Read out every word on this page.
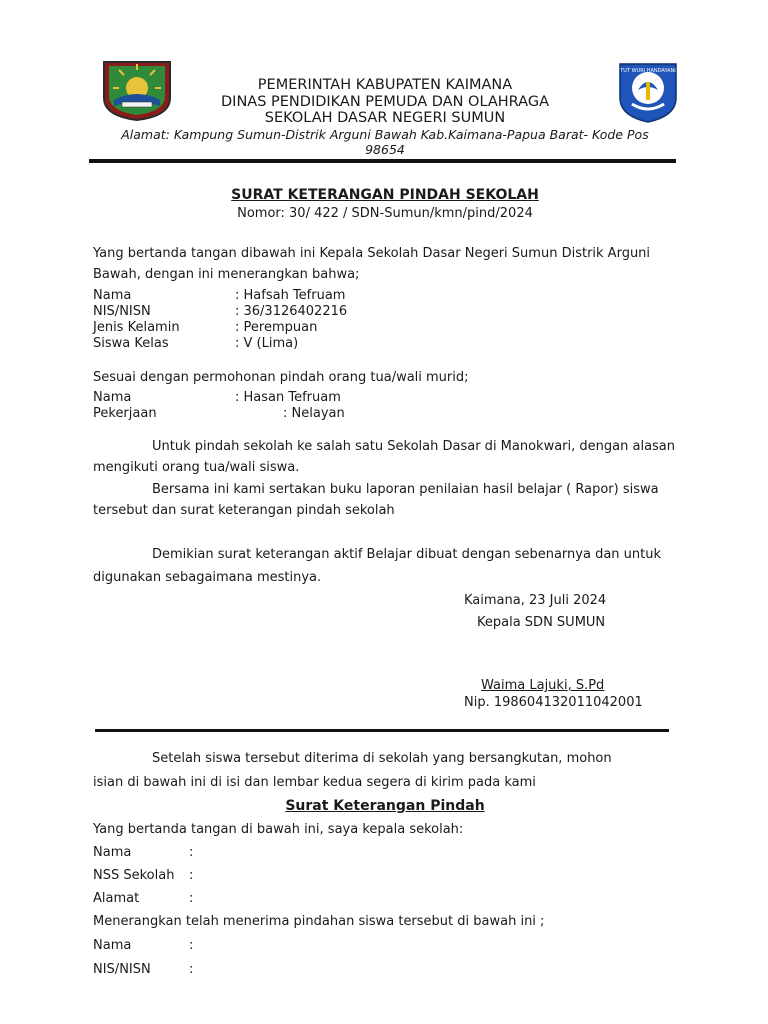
TUT WURI HANDAYANI
PEMERINTAH KABUPATEN KAIMANA
DINAS PENDIDIKAN PEMUDA DAN OLAHRAGA
SEKOLAH DASAR NEGERI SUMUN
Alamat: Kampung Sumun-Distrik Arguni Bawah Kab.Kaimana-Papua Barat- Kode Pos
98654
SURAT KETERANGAN PINDAH SEKOLAH
Nomor: 30/ 422 / SDN-Sumun/kmn/pind/2024
Yang bertanda tangan dibawah ini Kepala Sekolah Dasar Negeri Sumun Distrik Arguni
Bawah, dengan ini menerangkan bahwa;
Nama	: Hafsah Tefruam
NIS/NISN	: 36/3126402216
Jenis Kelamin	: Perempuan
Siswa Kelas	: V (Lima)
Sesuai dengan permohonan pindah orang tua/wali murid;
Nama	: Hasan Tefruam
Pekerjaan	: Nelayan
Untuk pindah sekolah ke salah satu Sekolah Dasar di Manokwari, dengan alasan
mengikuti orang tua/wali siswa.
Bersama ini kami sertakan buku laporan penilaian hasil belajar ( Rapor) siswa
tersebut dan surat keterangan pindah sekolah
Demikian surat keterangan aktif Belajar dibuat dengan sebenarnya dan untuk
digunakan sebagaimana mestinya.
Kaimana, 23 Juli 2024
Kepala SDN SUMUN
Waima Lajuki, S.Pd
Nip. 198604132011042001
Setelah siswa tersebut diterima di sekolah yang bersangkutan, mohon
isian di bawah ini di isi dan lembar kedua segera di kirim pada kami
Surat Keterangan Pindah
Yang bertanda tangan di bawah ini, saya kepala sekolah:
Nama	:
NSS Sekolah :
Alamat	:
Menerangkan telah menerima pindahan siswa tersebut di bawah ini ;
Nama	:
NIS/NISN	:
